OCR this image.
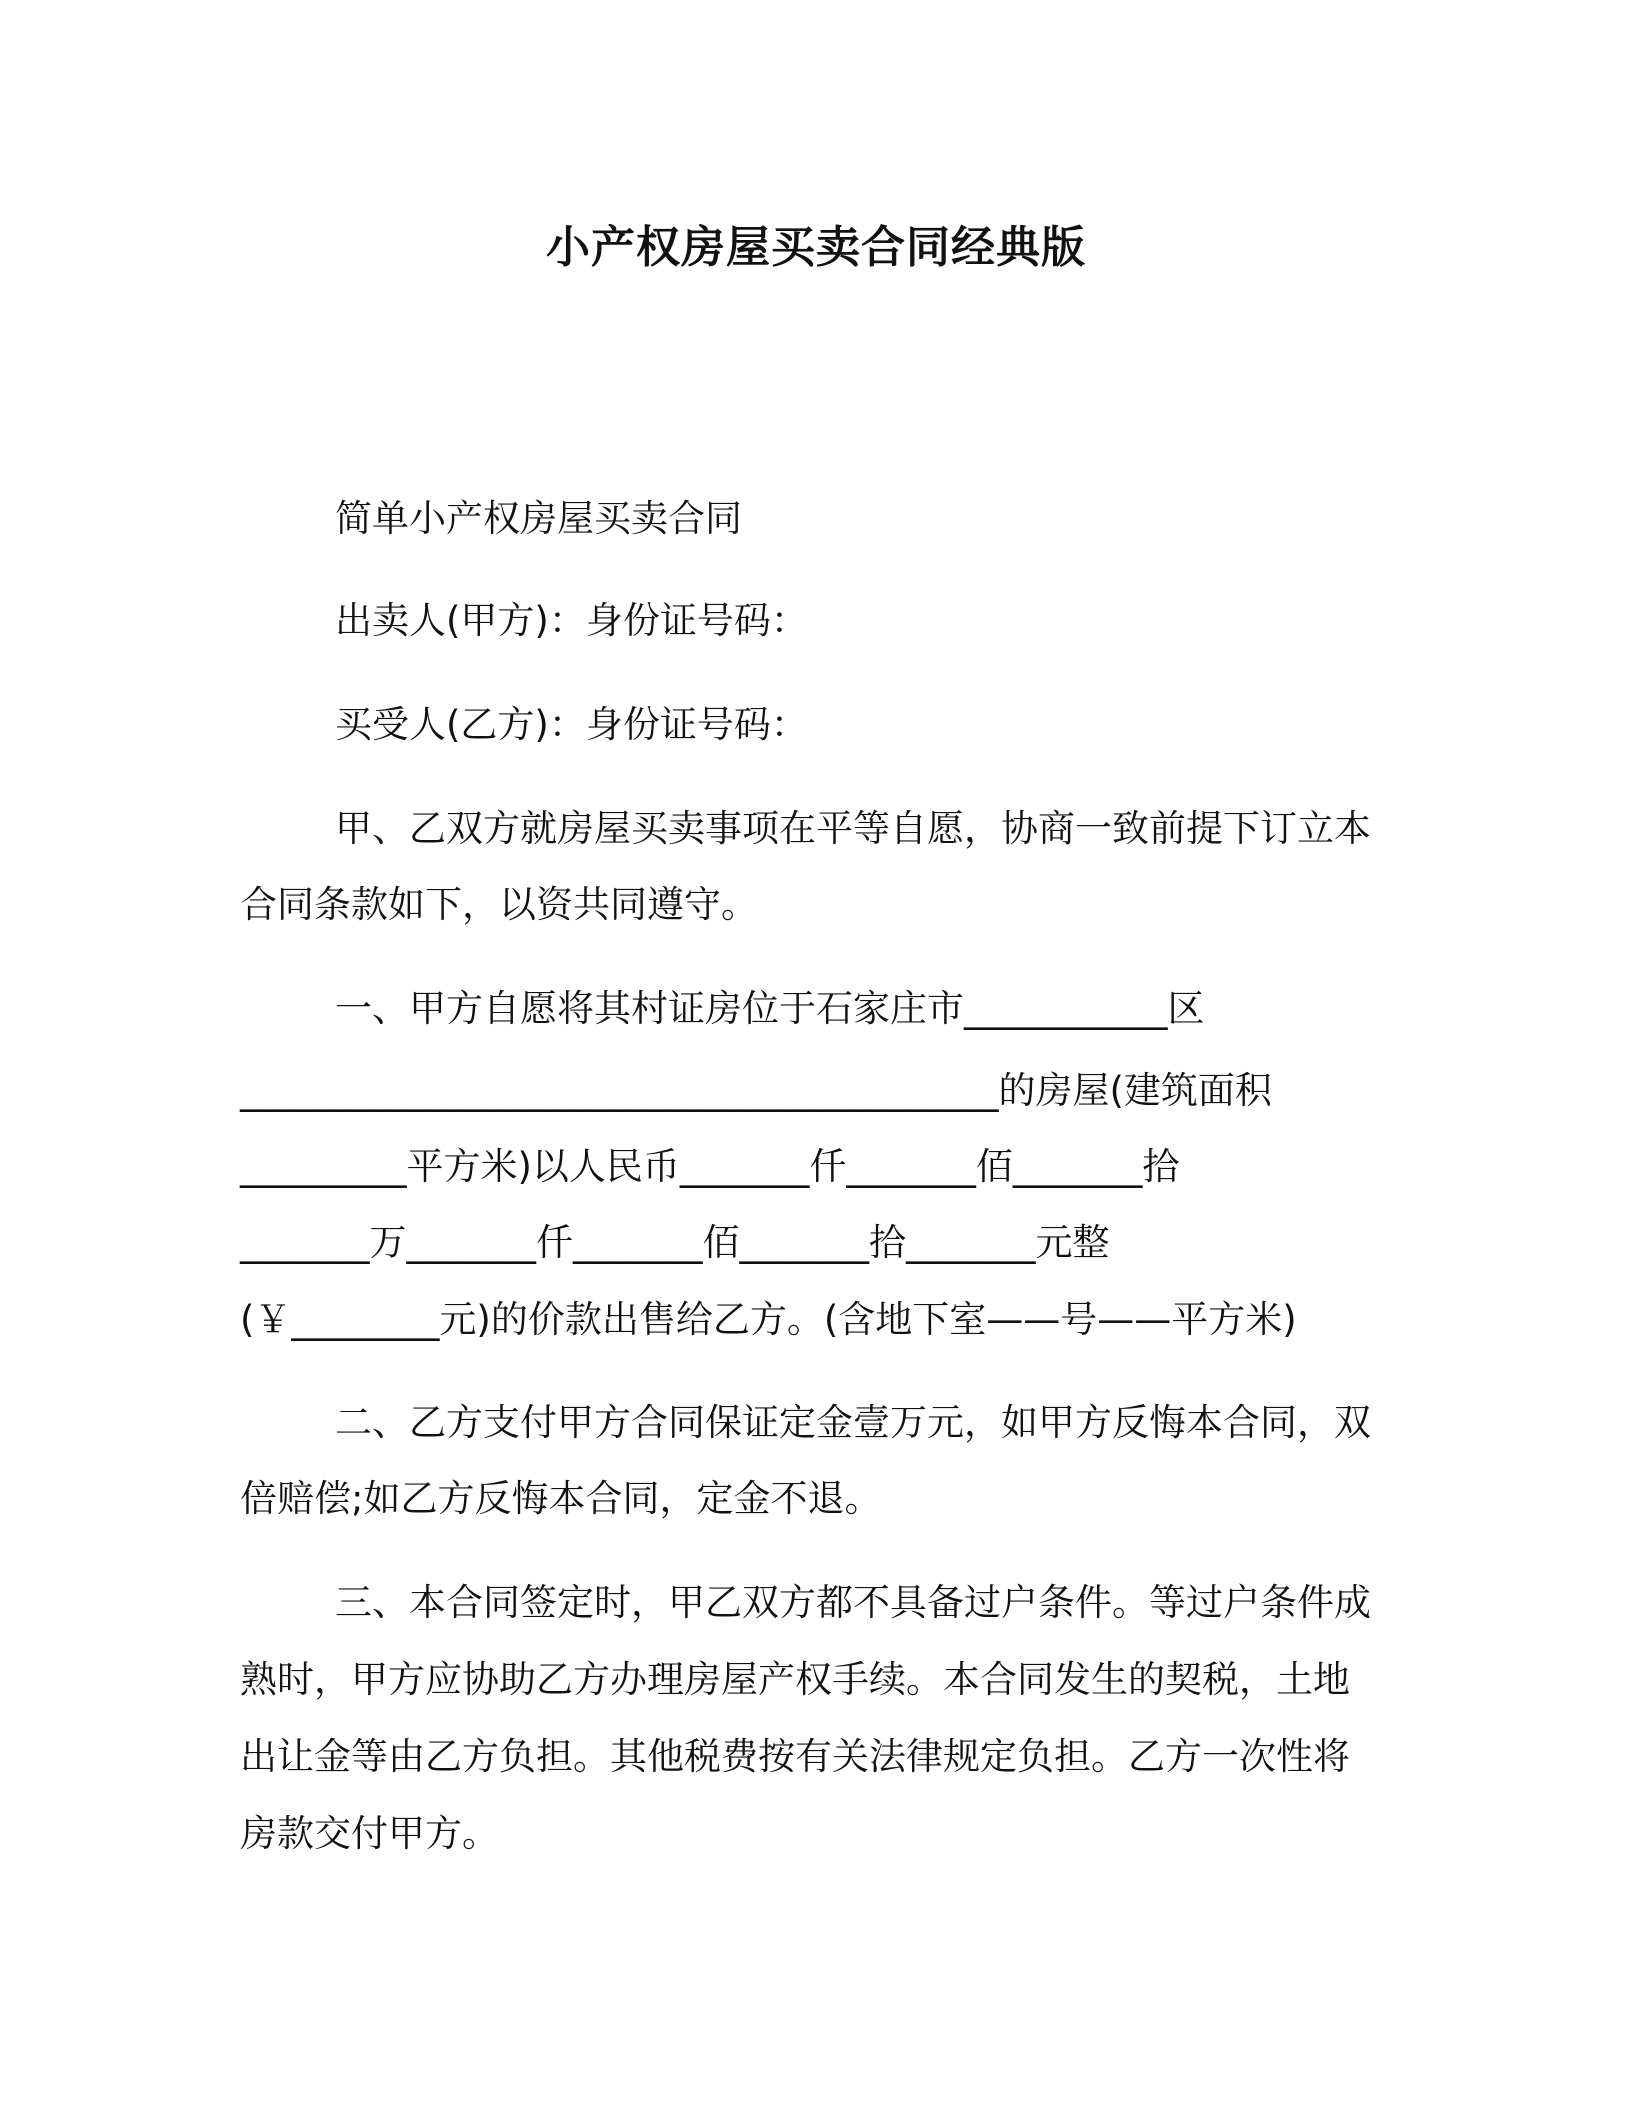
小产权房屋买卖合同经典版
简单小产权房屋买卖合同
出卖人(甲方)：身份证号码：
买受人(乙方)：身份证号码：
甲、乙双方就房屋买卖事项在平等自愿，协商一致前提下订立本
合同条款如下，以资共同遵守。
一、甲方自愿将其村证房位于石家庄市___________区
_________________________________________的房屋(建筑面积
_________平方米)以人民币_______仟_______佰_______拾
_______万_______仟_______佰_______拾_______元整
(￥________元)的价款出售给乙方。(含地下室——号——平方米)
二、乙方支付甲方合同保证定金壹万元，如甲方反悔本合同，双
倍赔偿;如乙方反悔本合同，定金不退。
三、本合同签定时，甲乙双方都不具备过户条件。等过户条件成
熟时，甲方应协助乙方办理房屋产权手续。本合同发生的契税，土地
出让金等由乙方负担。其他税费按有关法律规定负担。乙方一次性将
房款交付甲方。
